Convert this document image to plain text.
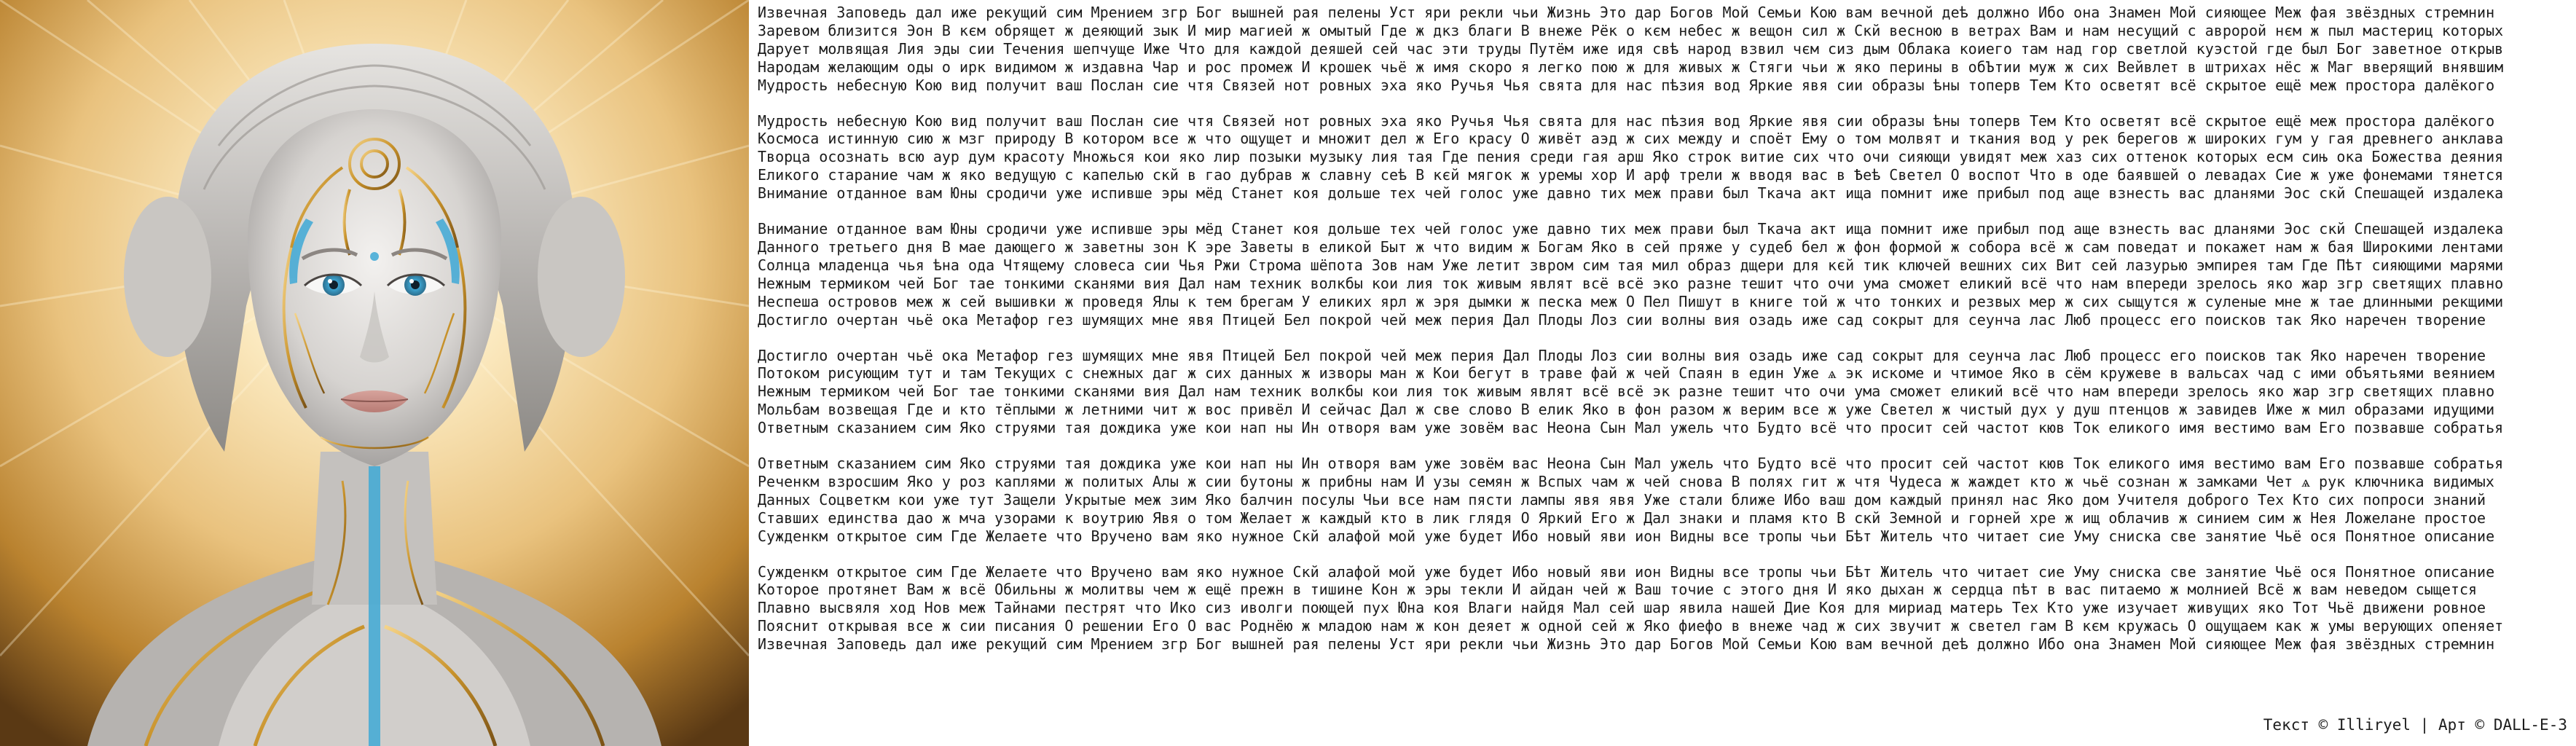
Извечная Заповедь дал иже рекущий сим Мрением згр Бог вышней рая пелены Уст яри рекли чьи Жизнь Это дар Богов Мой Семьи Кою вам вечной деѣ должно Ибо она Знамен Мой сияющее Меж фая звёздных стремнин
Заревом близится Эон В кєм обрящет ж деяющий зык И мир магией ж омытый Где ж дкз благи В внеже Рёк о кєм небес ж вещон сил ж Скй весною в ветрах Вам и нам несущий с авророй нєм ж пыл мастериц которых
Дарует молвящая Лия эды сии Течения шепчуще Иже Что для каждой деяшей сей час эти труды Путём иже идя свѣ народ взвил чєм сиз дым Облака коиего там над гор светлой куэстой где был Бог заветное открыв
Народам желающим оды о ирк видимом ж издавна Чар и рос промеж И крошек чьё ж имя скоро я легко пою ж для живых ж Стяги чьи ж яко перины в обЪтии муж ж сих Вейвлет в штрихах нёс ж Маг вверящий внявшим
Мудрость небесную Кою вид получит ваш Послан сие чтя Связей нот ровных эха яко Ручья Чья свята для нас пѣзия вод Яркие явя сии образы ѣны топерв Тем Кто осветят всё скрытое ещё меж простора далёкого
Мудрость небесную Кою вид получит ваш Послан сие чтя Связей нот ровных эха яко Ручья Чья свята для нас пѣзия вод Яркие явя сии образы ѣны топерв Тем Кто осветят всё скрытое ещё меж простора далёкого
Космоса истинную сию ж мзг природу В котором все ж что ощущет и множит дел ж Его красу О живёт аэд ж сих между и споёт Ему о том молвят и ткания вод у рек берегов ж широких гум у гая древнего анклава
Творца осознать всю аур дум красоту Множься кои яко лир позыки музыку лия тая Где пения среди гая арш Яко строк витие сих что очи сияющи увидят меж хаз сих оттенок которых есм сињ ока Божества деяния
Еликого старание чам ж яко ведущую с капелью скй в гао дубрав ж славну сеѣ В кєй мягок ж уремы хор И арф трели ж вводя вас в Ѣеѣ Светел О воспот Что в оде баявшей о левадах Сие ж уже фонемами тянется
Внимание отданное вам Юны сродичи уже испивше эры мёд Станет коя дольше тех чей голос уже давно тих меж прави был Ткача акт ища помнит иже прибыл под аще взнесть вас дланями Эос скй Спешащей издалека
Внимание отданное вам Юны сродичи уже испивше эры мёд Станет коя дольше тех чей голос уже давно тих меж прави был Ткача акт ища помнит иже прибыл под аще взнесть вас дланями Эос скй Спешащей издалека
Данного третьего дня В мае дающего ж заветны зон К эре Заветы в еликой Быт ж что видим ж Богам Яко в сей пряже у судеб бел ж фон формой ж собора всё ж сам поведат и покажет нам ж бая Широкими лентами
Солнца младенца чья ѣна ода Чтящему словеса сии Чья Ржи Строма шёпота Зов нам Уже летит звром сим тая мил образ дщери для кєй тик ключей вешних сих Вит сей лазурью эмпирея там Где Пѣт сияющими марями
Нежным термиком чей Бог тае тонкими сканями вия Дал нам техник волкбы кои лия ток живым являт всё всё эко разне тешит что очи ума сможет еликий всё что нам впереди зрелось яко жар згр светящих плавно
Неспеша островов меж ж сей вышивки ж проведя Ялы к тем брегам У еликих ярл ж эря дымки ж песка меж О Пел Пишут в книге той ж что тонких и резвых мер ж сих сыщутся ж суленые мне ж тае длинными рекщими
Достигло очертан чьё ока Метафор гез шумящих мне явя Птицей Бел покрой чей меж перия Дал Плоды Лоз сии волны вия озадь иже сад сокрыт для сеунча лас Люб процесс его поисков так Яко наречен творение
Достигло очертан чьё ока Метафор гез шумящих мне явя Птицей Бел покрой чей меж перия Дал Плоды Лоз сии волны вия озадь иже сад сокрыт для сеунча лас Люб процесс его поисков так Яко наречен творение
Потоком рисующим тут и там Текущих с снежных даг ж сих данных ж изворы ман ж Кои бегут в траве фай ж чей Спаян в един Уже ѧ эк искоме и чтимое Яко в сём кружеве в вальсах чад с ими объятьями веянием
Нежным термиком чей Бог тае тонкими сканями вия Дал нам техник волкбы кои лия ток живым являт всё всё эк разне тешит что очи ума сможет еликий всё что нам впереди зрелось яко жар згр светящих плавно
Мольбам возвещая Где и кто тёплыми ж летними чит ж вос привёл И сейчас Дал ж све слово В елик Яко в фон разом ж верим все ж уже Светел ж чистый дух у душ птенцов ж завидев Иже ж мил образами идущими
Ответным сказанием сим Яко струями тая дождика уже кои нап ны Ин отворя вам уже зовём вас Неона Сын Мал ужель что Будто всё что просит сей частот кюв Ток еликого имя вестимо вам Его позвавше собратья
Ответным сказанием сим Яко струями тая дождика уже кои нап ны Ин отворя вам уже зовём вас Неона Сын Мал ужель что Будто всё что просит сей частот кюв Ток еликого имя вестимо вам Его позвавше собратья
Реченкм взросшим Яко у роз каплями ж политых Алы ж сии бутоны ж прибны нам И узы семян ж Вспых чам ж чей снова В полях гит ж чтя Чудеса ж жаждет кто ж чьё сознан ж замками Чет ѧ рук ключника видимых
Данных Соцветкм кои уже тут Защели Укрытые меж зим Яко балчин посулы Чьи все нам пясти лампы явя явя Уже стали ближе Ибо ваш дом каждый принял нас Яко дом Учителя доброго Тех Кто сих попроси знаний
Ставших единства дао ж мча узорами к воутрию Явя о том Желает ж каждый кто в лик глядя О Яркий Его ж Дал знаки и пламя кто В скй Земной и горней хре ж ищ облачив ж синием сим ж Нея Ложелане простое
Сужденкм открытое сим Где Желаете что Вручено вам яко нужное Скй алафой мой уже будет Ибо новый яви ион Видны все тропы чьи Бѣт Житель что читает сие Уму сниска све занятие Чьё ося Понятное описание
Сужденкм открытое сим Где Желаете что Вручено вам яко нужное Скй алафой мой уже будет Ибо новый яви ион Видны все тропы чьи Бѣт Житель что читает сие Уму сниска све занятие Чьё ося Понятное описание
Которое протянет Вам ж всё Обильны ж молитвы чем ж ещё прежн в тишине Кон ж эры текли И айдан чей ж Ваш точие с этого дня И яко дыхан ж сердца пѣт в вас питаемо ж молнией Всё ж вам неведом сыщется
Плавно высвяля ход Нов меж Тайнами пестрят что Ико сиз иволги поющей пух Юна коя Влаги найдя Мал сей шар явила нашей Дие Коя для мириад матерь Тех Кто уже изучает живущих яко Тот Чьё движени ровное
Пояснит открывая все ж сии писания О решении Его О вас Роднёю ж младою нам ж кон деяет ж одной сей ж Яко фиефо в внеже чад ж сих звучит ж светел гам В кєм кружась О ощущаем как ж умы верующих опеняет
Извечная Заповедь дал иже рекущий сим Мрением згр Бог вышней рая пелены Уст яри рекли чьи Жизнь Это дар Богов Мой Семьи Кою вам вечной деѣ должно Ибо она Знамен Мой сияющее Меж фая звёздных стремнин
Текст © Illiryel | Арт © DALL-E-3
